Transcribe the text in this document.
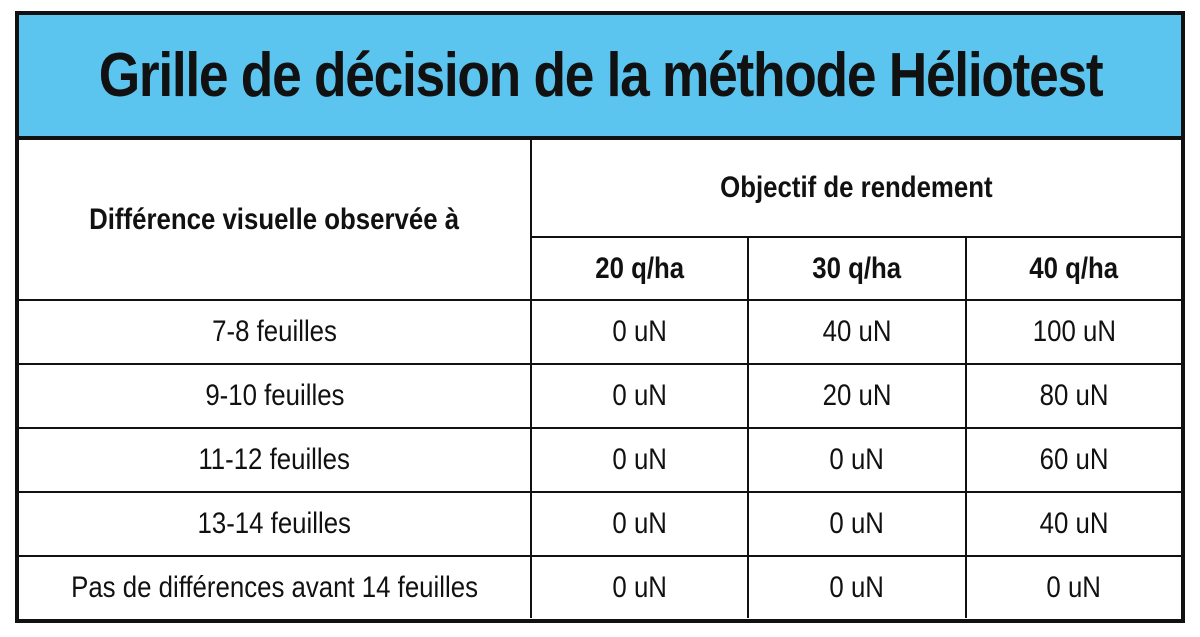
Grille de décision de la méthode Héliotest
Différence visuelle observée à	Objectif de rendement		
	20 q/ha	30 q/ha	40 q/ha
7-8 feuilles	0 uN	40 uN	100 uN
9-10 feuilles	0 uN	20 uN	80 uN
11-12 feuilles	0 uN	0 uN	60 uN
13-14 feuilles	0 uN	0 uN	40 uN
Pas de différences avant 14 feuilles	0 uN	0 uN	0 uN
